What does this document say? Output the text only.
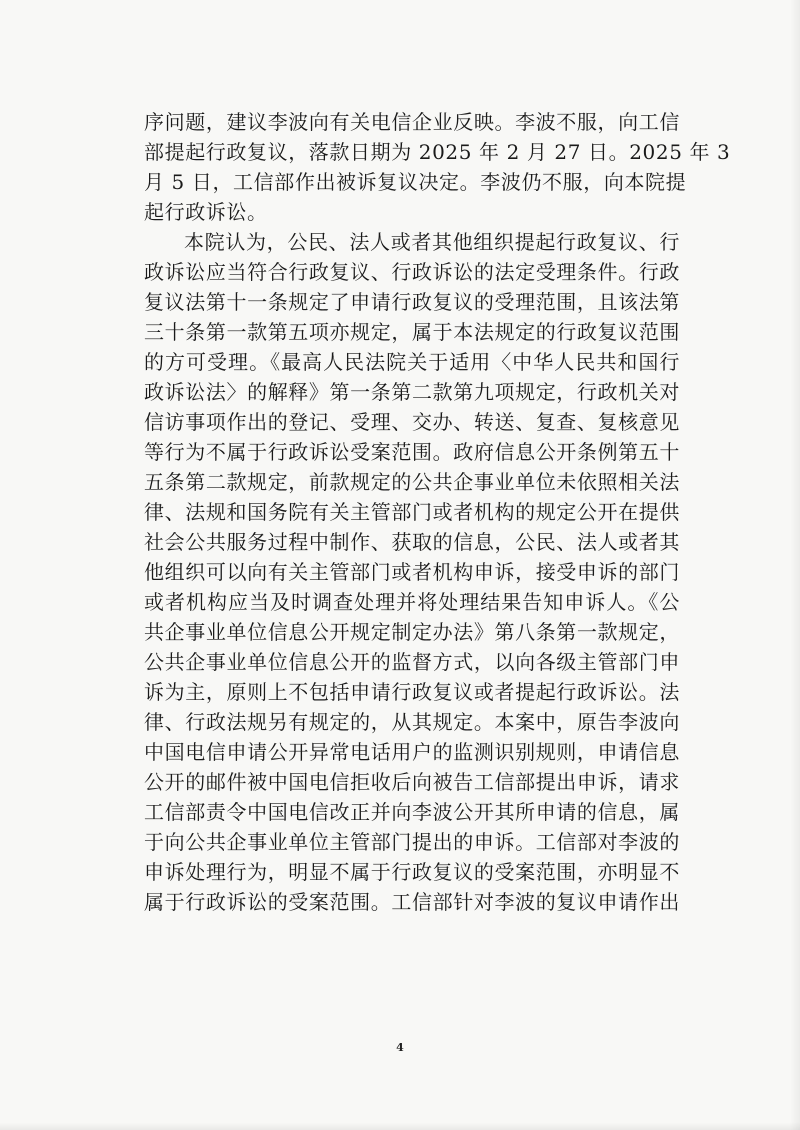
序问题，建议李波向有关电信企业反映。李波不服，向工信
部提起行政复议，落款日期为 2025 年 2 月 27 日。2025 年 3
月 5 日，工信部作出被诉复议决定。李波仍不服，向本院提
起行政诉讼。
本院认为，公民、法人或者其他组织提起行政复议、行
政诉讼应当符合行政复议、行政诉讼的法定受理条件。行政
复议法第十一条规定了申请行政复议的受理范围，且该法第
三十条第一款第五项亦规定，属于本法规定的行政复议范围
的方可受理。《最高人民法院关于适用〈中华人民共和国行
政诉讼法〉的解释》第一条第二款第九项规定，行政机关对
信访事项作出的登记、受理、交办、转送、复查、复核意见
等行为不属于行政诉讼受案范围。政府信息公开条例第五十
五条第二款规定，前款规定的公共企事业单位未依照相关法
律、法规和国务院有关主管部门或者机构的规定公开在提供
社会公共服务过程中制作、获取的信息，公民、法人或者其
他组织可以向有关主管部门或者机构申诉，接受申诉的部门
或者机构应当及时调查处理并将处理结果告知申诉人。《公
共企事业单位信息公开规定制定办法》第八条第一款规定，
公共企事业单位信息公开的监督方式，以向各级主管部门申
诉为主，原则上不包括申请行政复议或者提起行政诉讼。法
律、行政法规另有规定的，从其规定。本案中，原告李波向
中国电信申请公开异常电话用户的监测识别规则，申请信息
公开的邮件被中国电信拒收后向被告工信部提出申诉，请求
工信部责令中国电信改正并向李波公开其所申请的信息，属
于向公共企事业单位主管部门提出的申诉。工信部对李波的
申诉处理行为，明显不属于行政复议的受案范围，亦明显不
属于行政诉讼的受案范围。工信部针对李波的复议申请作出
4
